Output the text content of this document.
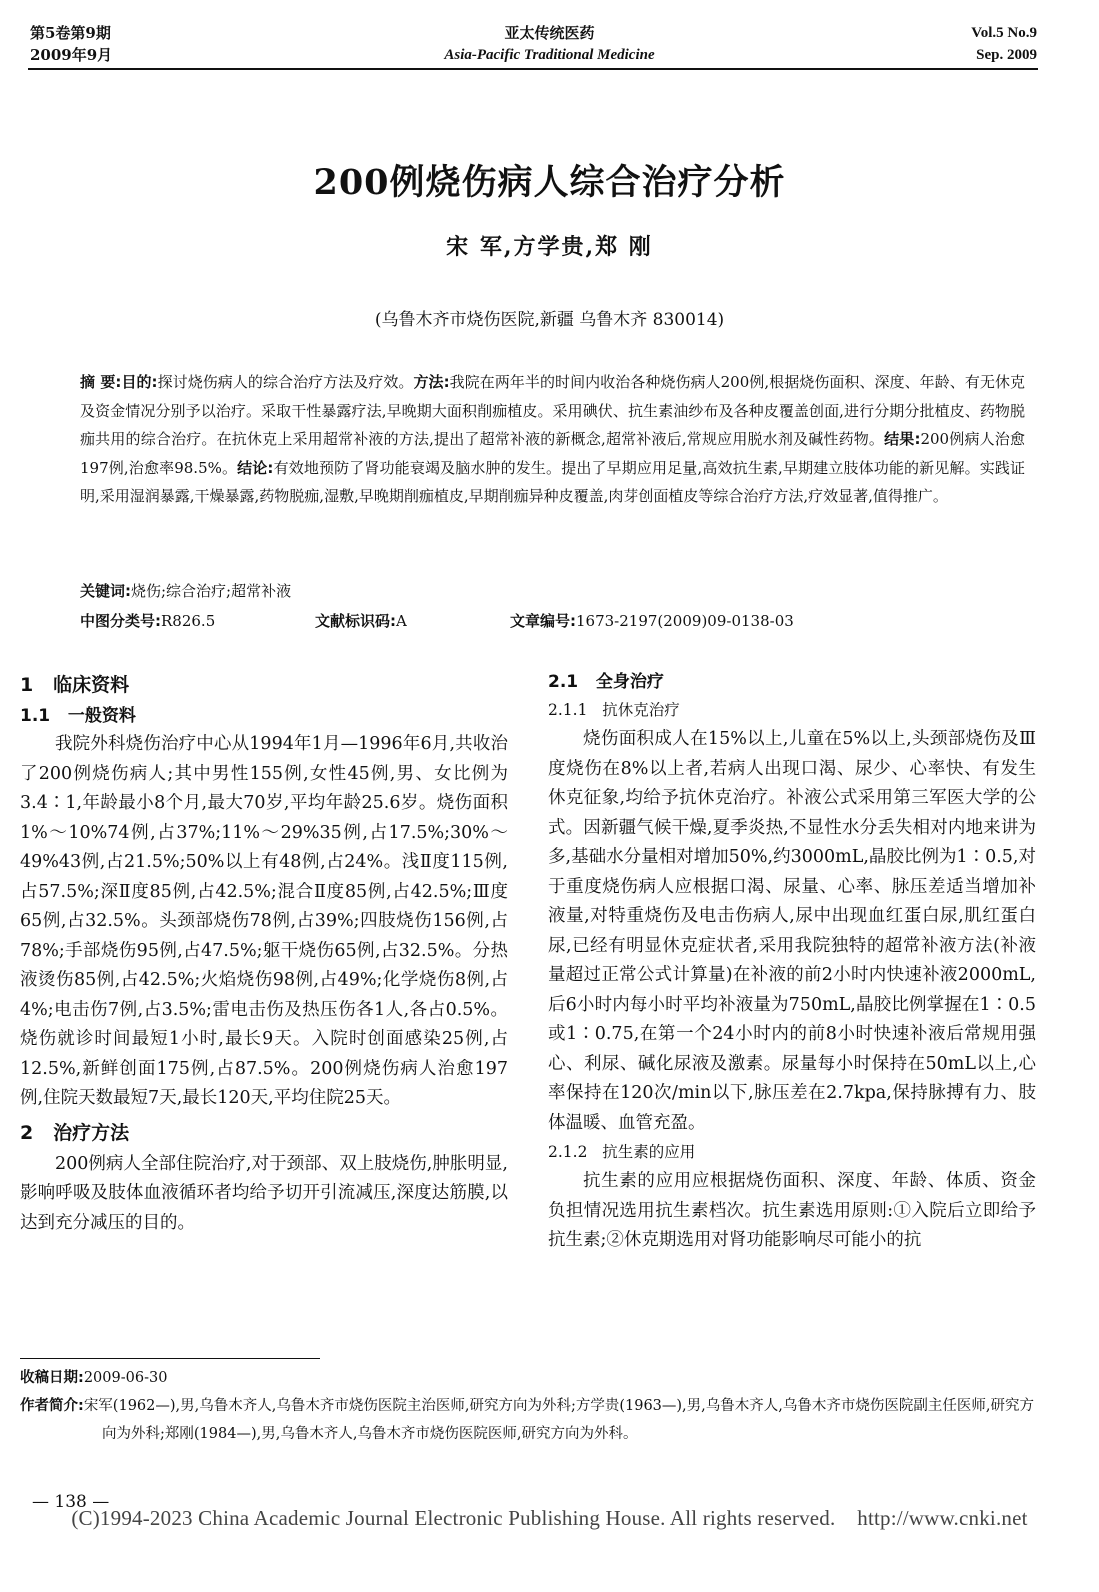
第5卷第9期
2009年9月
亚太传统医药
Asia-Pacific Traditional Medicine
Vol.5 No.9
Sep. 2009
200例烧伤病人综合治疗分析
宋 军,方学贵,郑 刚
(乌鲁木齐市烧伤医院,新疆 乌鲁木齐 830014)
摘 要:目的:探讨烧伤病人的综合治疗方法及疗效。方法:我院在两年半的时间内收治各种烧伤病人200例,根据烧伤面积、深度、年龄、有无休克及资金情况分别予以治疗。采取干性暴露疗法,早晚期大面积削痂植皮。采用碘伏、抗生素油纱布及各种皮覆盖创面,进行分期分批植皮、药物脱痂共用的综合治疗。在抗休克上采用超常补液的方法,提出了超常补液的新概念,超常补液后,常规应用脱水剂及碱性药物。结果:200例病人治愈197例,治愈率98.5%。结论:有效地预防了肾功能衰竭及脑水肿的发生。提出了早期应用足量,高效抗生素,早期建立肢体功能的新见解。实践证明,采用湿润暴露,干燥暴露,药物脱痂,湿敷,早晚期削痂植皮,早期削痂异种皮覆盖,肉芽创面植皮等综合治疗方法,疗效显著,值得推广。
关键词:烧伤;综合治疗;超常补液
中图分类号:R826.5	文献标识码:A	文章编号:1673-2197(2009)09-0138-03

1   临床资料

1.1   一般资料

我院外科烧伤治疗中心从1994年1月—1996年6月,共收治了200例烧伤病人;其中男性155例,女性45例,男、女比例为3.4∶1,年龄最小8个月,最大70岁,平均年龄25.6岁。烧伤面积1%～10%74例,占37%;11%～29%35例,占17.5%;30%～49%43例,占21.5%;50%以上有48例,占24%。浅Ⅱ度115例,占57.5%;深Ⅱ度85例,占42.5%;混合Ⅱ度85例,占42.5%;Ⅲ度65例,占32.5%。头颈部烧伤78例,占39%;四肢烧伤156例,占78%;手部烧伤95例,占47.5%;躯干烧伤65例,占32.5%。分热液烫伤85例,占42.5%;火焰烧伤98例,占49%;化学烧伤8例,占4%;电击伤7例,占3.5%;雷电击伤及热压伤各1人,各占0.5%。烧伤就诊时间最短1小时,最长9天。入院时创面感染25例,占12.5%,新鲜创面175例,占87.5%。200例烧伤病人治愈197例,住院天数最短7天,最长120天,平均住院25天。

2   治疗方法

200例病人全部住院治疗,对于颈部、双上肢烧伤,肿胀明显,影响呼吸及肢体血液循环者均给予切开引流减压,深度达筋膜,以达到充分减压的目的。

2.1   全身治疗

2.1.1   抗休克治疗

烧伤面积成人在15%以上,儿童在5%以上,头颈部烧伤及Ⅲ度烧伤在8%以上者,若病人出现口渴、尿少、心率快、有发生休克征象,均给予抗休克治疗。补液公式采用第三军医大学的公式。因新疆气候干燥,夏季炎热,不显性水分丢失相对内地来讲为多,基础水分量相对增加50%,约3000mL,晶胶比例为1∶0.5,对于重度烧伤病人应根据口渴、尿量、心率、脉压差适当增加补液量,对特重烧伤及电击伤病人,尿中出现血红蛋白尿,肌红蛋白尿,已经有明显休克症状者,采用我院独特的超常补液方法(补液量超过正常公式计算量)在补液的前2小时内快速补液2000mL,后6小时内每小时平均补液量为750mL,晶胶比例掌握在1∶0.5或1∶0.75,在第一个24小时内的前8小时快速补液后常规用强心、利尿、碱化尿液及激素。尿量每小时保持在50mL以上,心率保持在120次/min以下,脉压差在2.7kpa,保持脉搏有力、肢体温暖、血管充盈。

2.1.2   抗生素的应用

抗生素的应用应根据烧伤面积、深度、年龄、体质、资金负担情况选用抗生素档次。抗生素选用原则:①入院后立即给予抗生素;②休克期选用对肾功能影响尽可能小的抗

收稿日期:2009-06-30
作者简介:宋军(1962—),男,乌鲁木齐人,乌鲁木齐市烧伤医院主治医师,研究方向为外科;方学贵(1963—),男,乌鲁木齐人,乌鲁木齐市烧伤医院副主任医师,研究方向为外科;郑刚(1984—),男,乌鲁木齐人,乌鲁木齐市烧伤医院医师,研究方向为外科。
— 138 —
(C)1994-2023 China Academic Journal Electronic Publishing House. All rights reserved.    http://www.cnki.net
